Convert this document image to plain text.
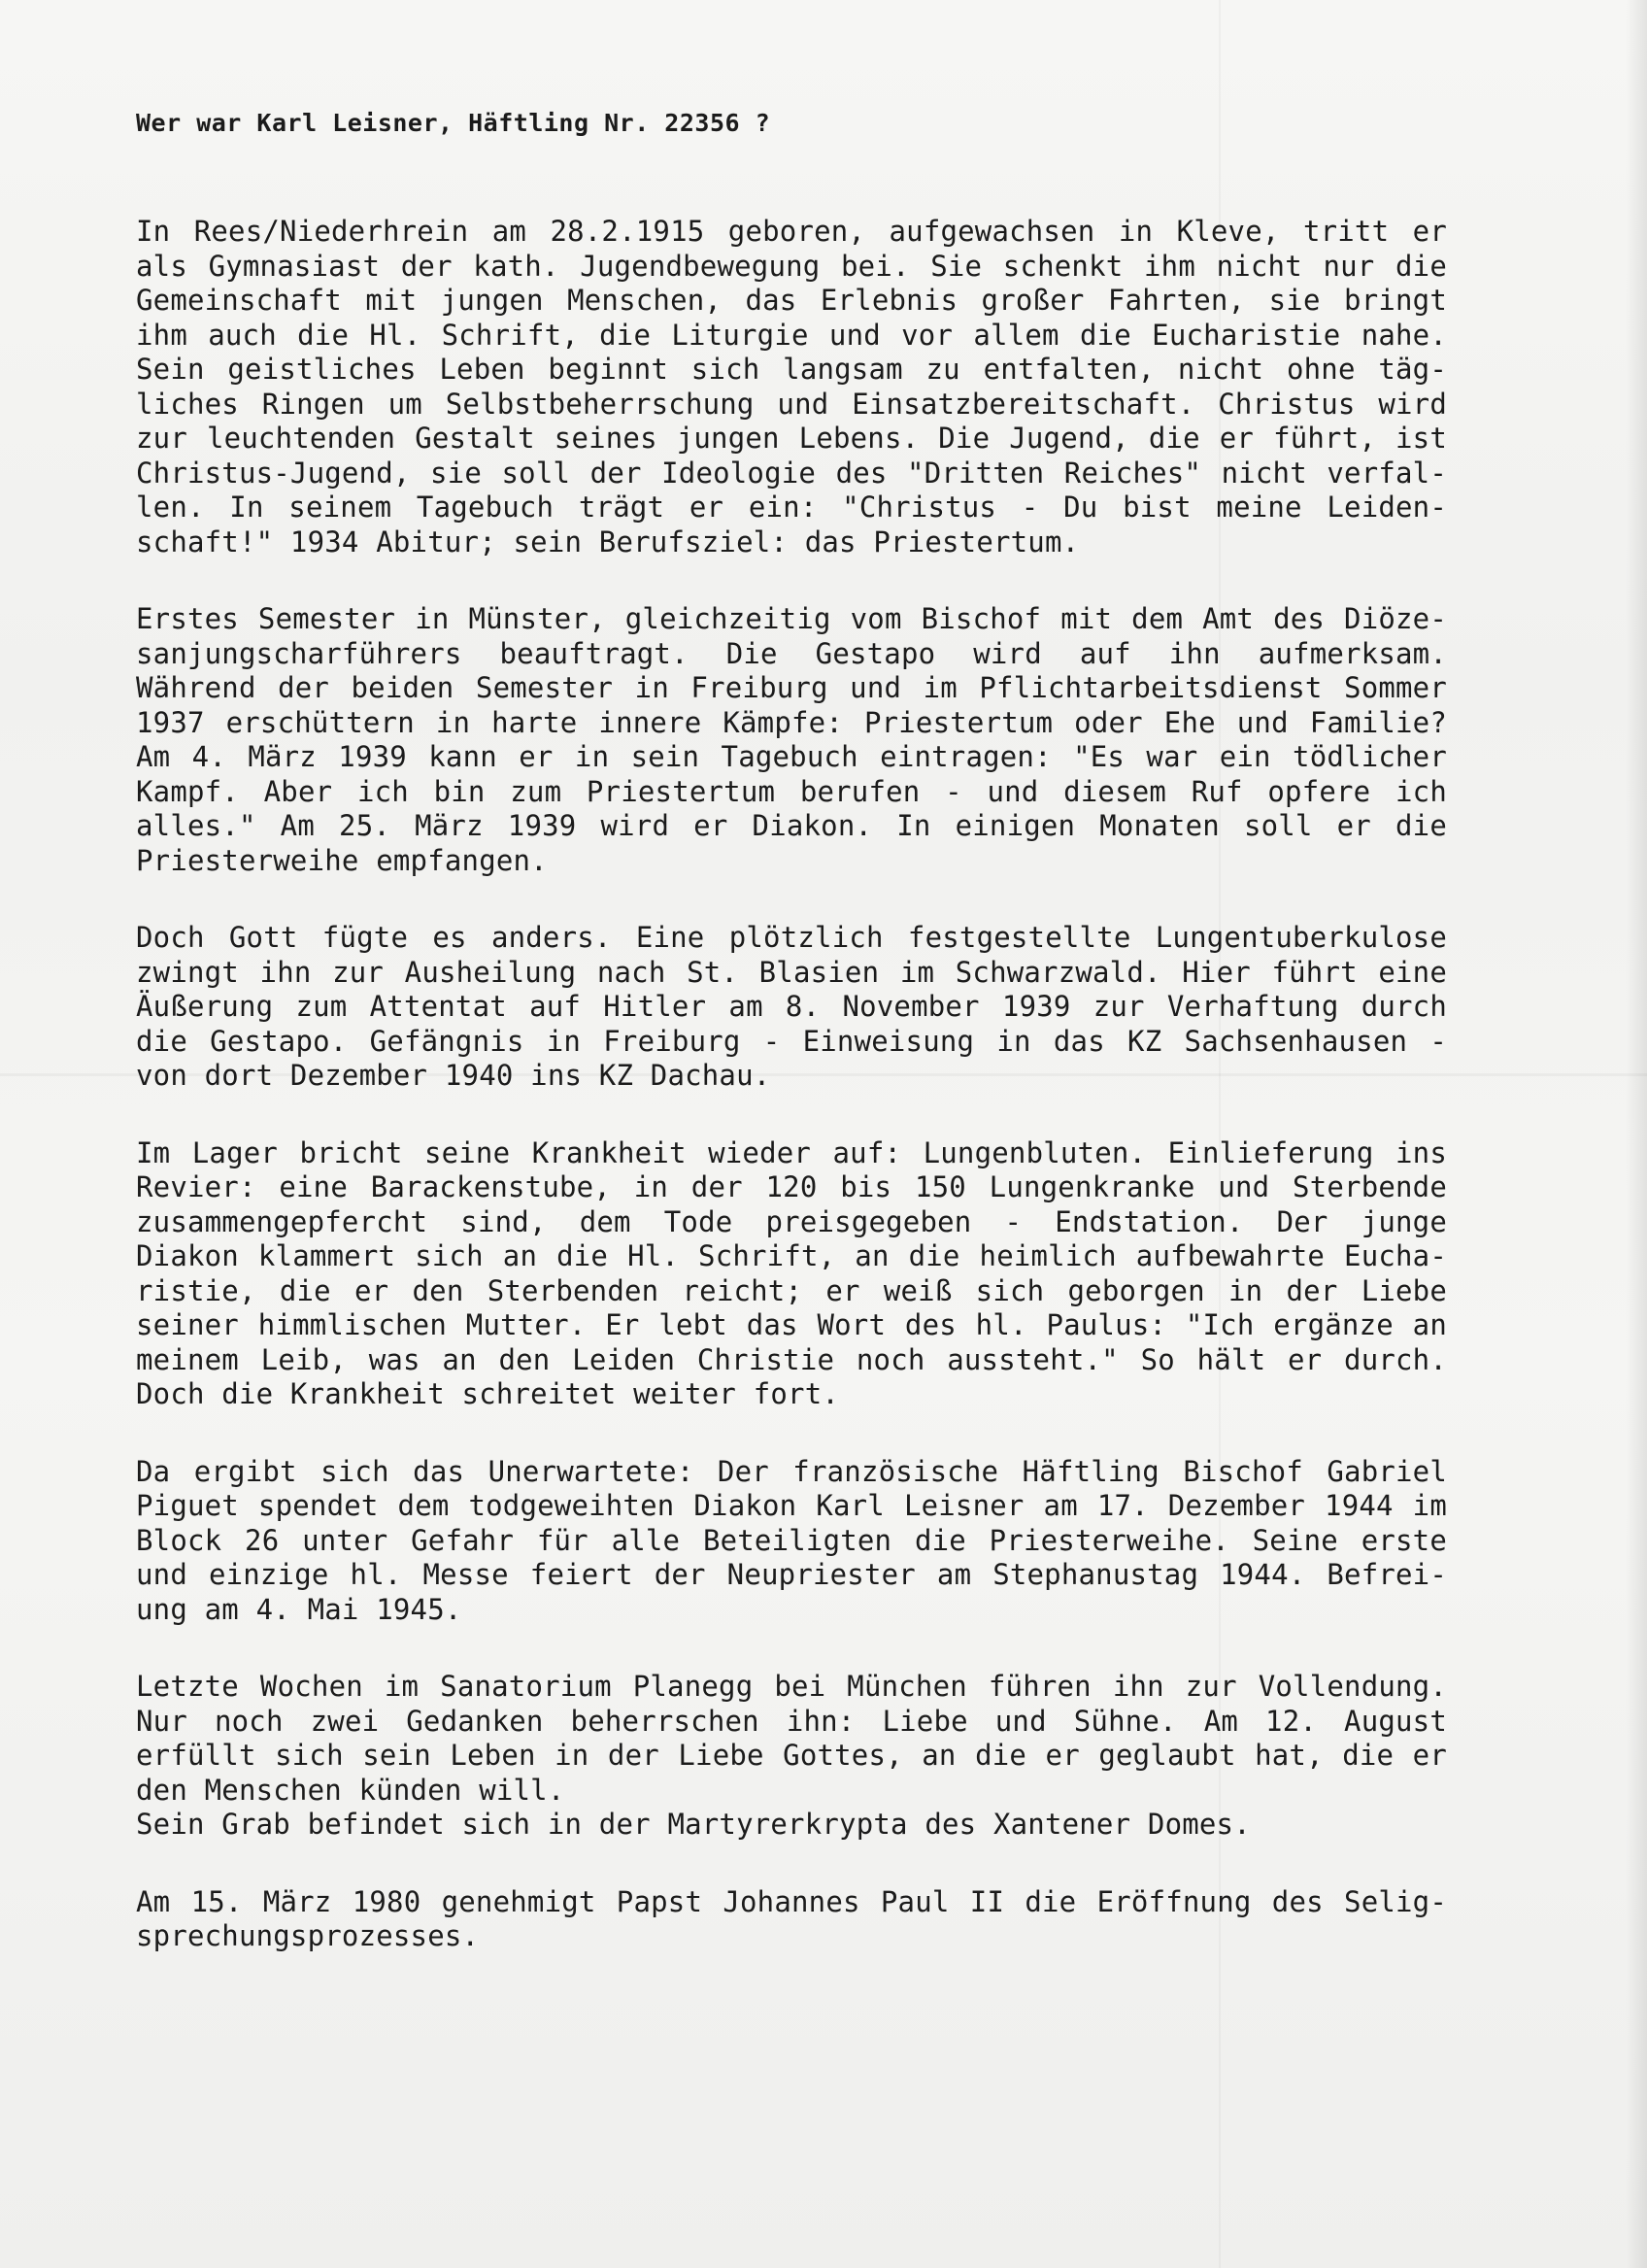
Wer war Karl Leisner, Häftling Nr. 22356 ?
In Rees/Niederhrein am 28.2.1915 geboren, aufgewachsen in Kleve, tritt er
als Gymnasiast der kath. Jugendbewegung bei. Sie schenkt ihm nicht nur die
Gemeinschaft mit jungen Menschen, das Erlebnis großer Fahrten, sie bringt
ihm auch die Hl. Schrift, die Liturgie und vor allem die Eucharistie nahe.
Sein geistliches Leben beginnt sich langsam zu entfalten, nicht ohne täg-
liches Ringen um Selbstbeherrschung und Einsatzbereitschaft. Christus wird
zur leuchtenden Gestalt seines jungen Lebens. Die Jugend, die er führt, ist
Christus-Jugend, sie soll der Ideologie des "Dritten Reiches" nicht verfal-
len. In seinem Tagebuch trägt er ein: "Christus - Du bist meine Leiden-
schaft!" 1934 Abitur; sein Berufsziel: das Priestertum.
Erstes Semester in Münster, gleichzeitig vom Bischof mit dem Amt des Diöze-
sanjungscharführers beauftragt. Die Gestapo wird auf ihn aufmerksam.
Während der beiden Semester in Freiburg und im Pflichtarbeitsdienst Sommer
1937 erschüttern in harte innere Kämpfe: Priestertum oder Ehe und Familie?
Am 4. März 1939 kann er in sein Tagebuch eintragen: "Es war ein tödlicher
Kampf. Aber ich bin zum Priestertum berufen - und diesem Ruf opfere ich
alles." Am 25. März 1939 wird er Diakon. In einigen Monaten soll er die
Priesterweihe empfangen.
Doch Gott fügte es anders. Eine plötzlich festgestellte Lungentuberkulose
zwingt ihn zur Ausheilung nach St. Blasien im Schwarzwald. Hier führt eine
Äußerung zum Attentat auf Hitler am 8. November 1939 zur Verhaftung durch
die Gestapo. Gefängnis in Freiburg - Einweisung in das KZ Sachsenhausen -
von dort Dezember 1940 ins KZ Dachau.
Im Lager bricht seine Krankheit wieder auf: Lungenbluten. Einlieferung ins
Revier: eine Barackenstube, in der 120 bis 150 Lungenkranke und Sterbende
zusammengepfercht sind, dem Tode preisgegeben - Endstation. Der junge
Diakon klammert sich an die Hl. Schrift, an die heimlich aufbewahrte Eucha-
ristie, die er den Sterbenden reicht; er weiß sich geborgen in der Liebe
seiner himmlischen Mutter. Er lebt das Wort des hl. Paulus: "Ich ergänze an
meinem Leib, was an den Leiden Christie noch aussteht." So hält er durch.
Doch die Krankheit schreitet weiter fort.
Da ergibt sich das Unerwartete: Der französische Häftling Bischof Gabriel
Piguet spendet dem todgeweihten Diakon Karl Leisner am 17. Dezember 1944 im
Block 26 unter Gefahr für alle Beteiligten die Priesterweihe. Seine erste
und einzige hl. Messe feiert der Neupriester am Stephanustag 1944. Befrei-
ung am 4. Mai 1945.
Letzte Wochen im Sanatorium Planegg bei München führen ihn zur Vollendung.
Nur noch zwei Gedanken beherrschen ihn: Liebe und Sühne. Am 12. August
erfüllt sich sein Leben in der Liebe Gottes, an die er geglaubt hat, die er
den Menschen künden will.
Sein Grab befindet sich in der Martyrerkrypta des Xantener Domes.
Am 15. März 1980 genehmigt Papst Johannes Paul II die Eröffnung des Selig-
sprechungsprozesses.
